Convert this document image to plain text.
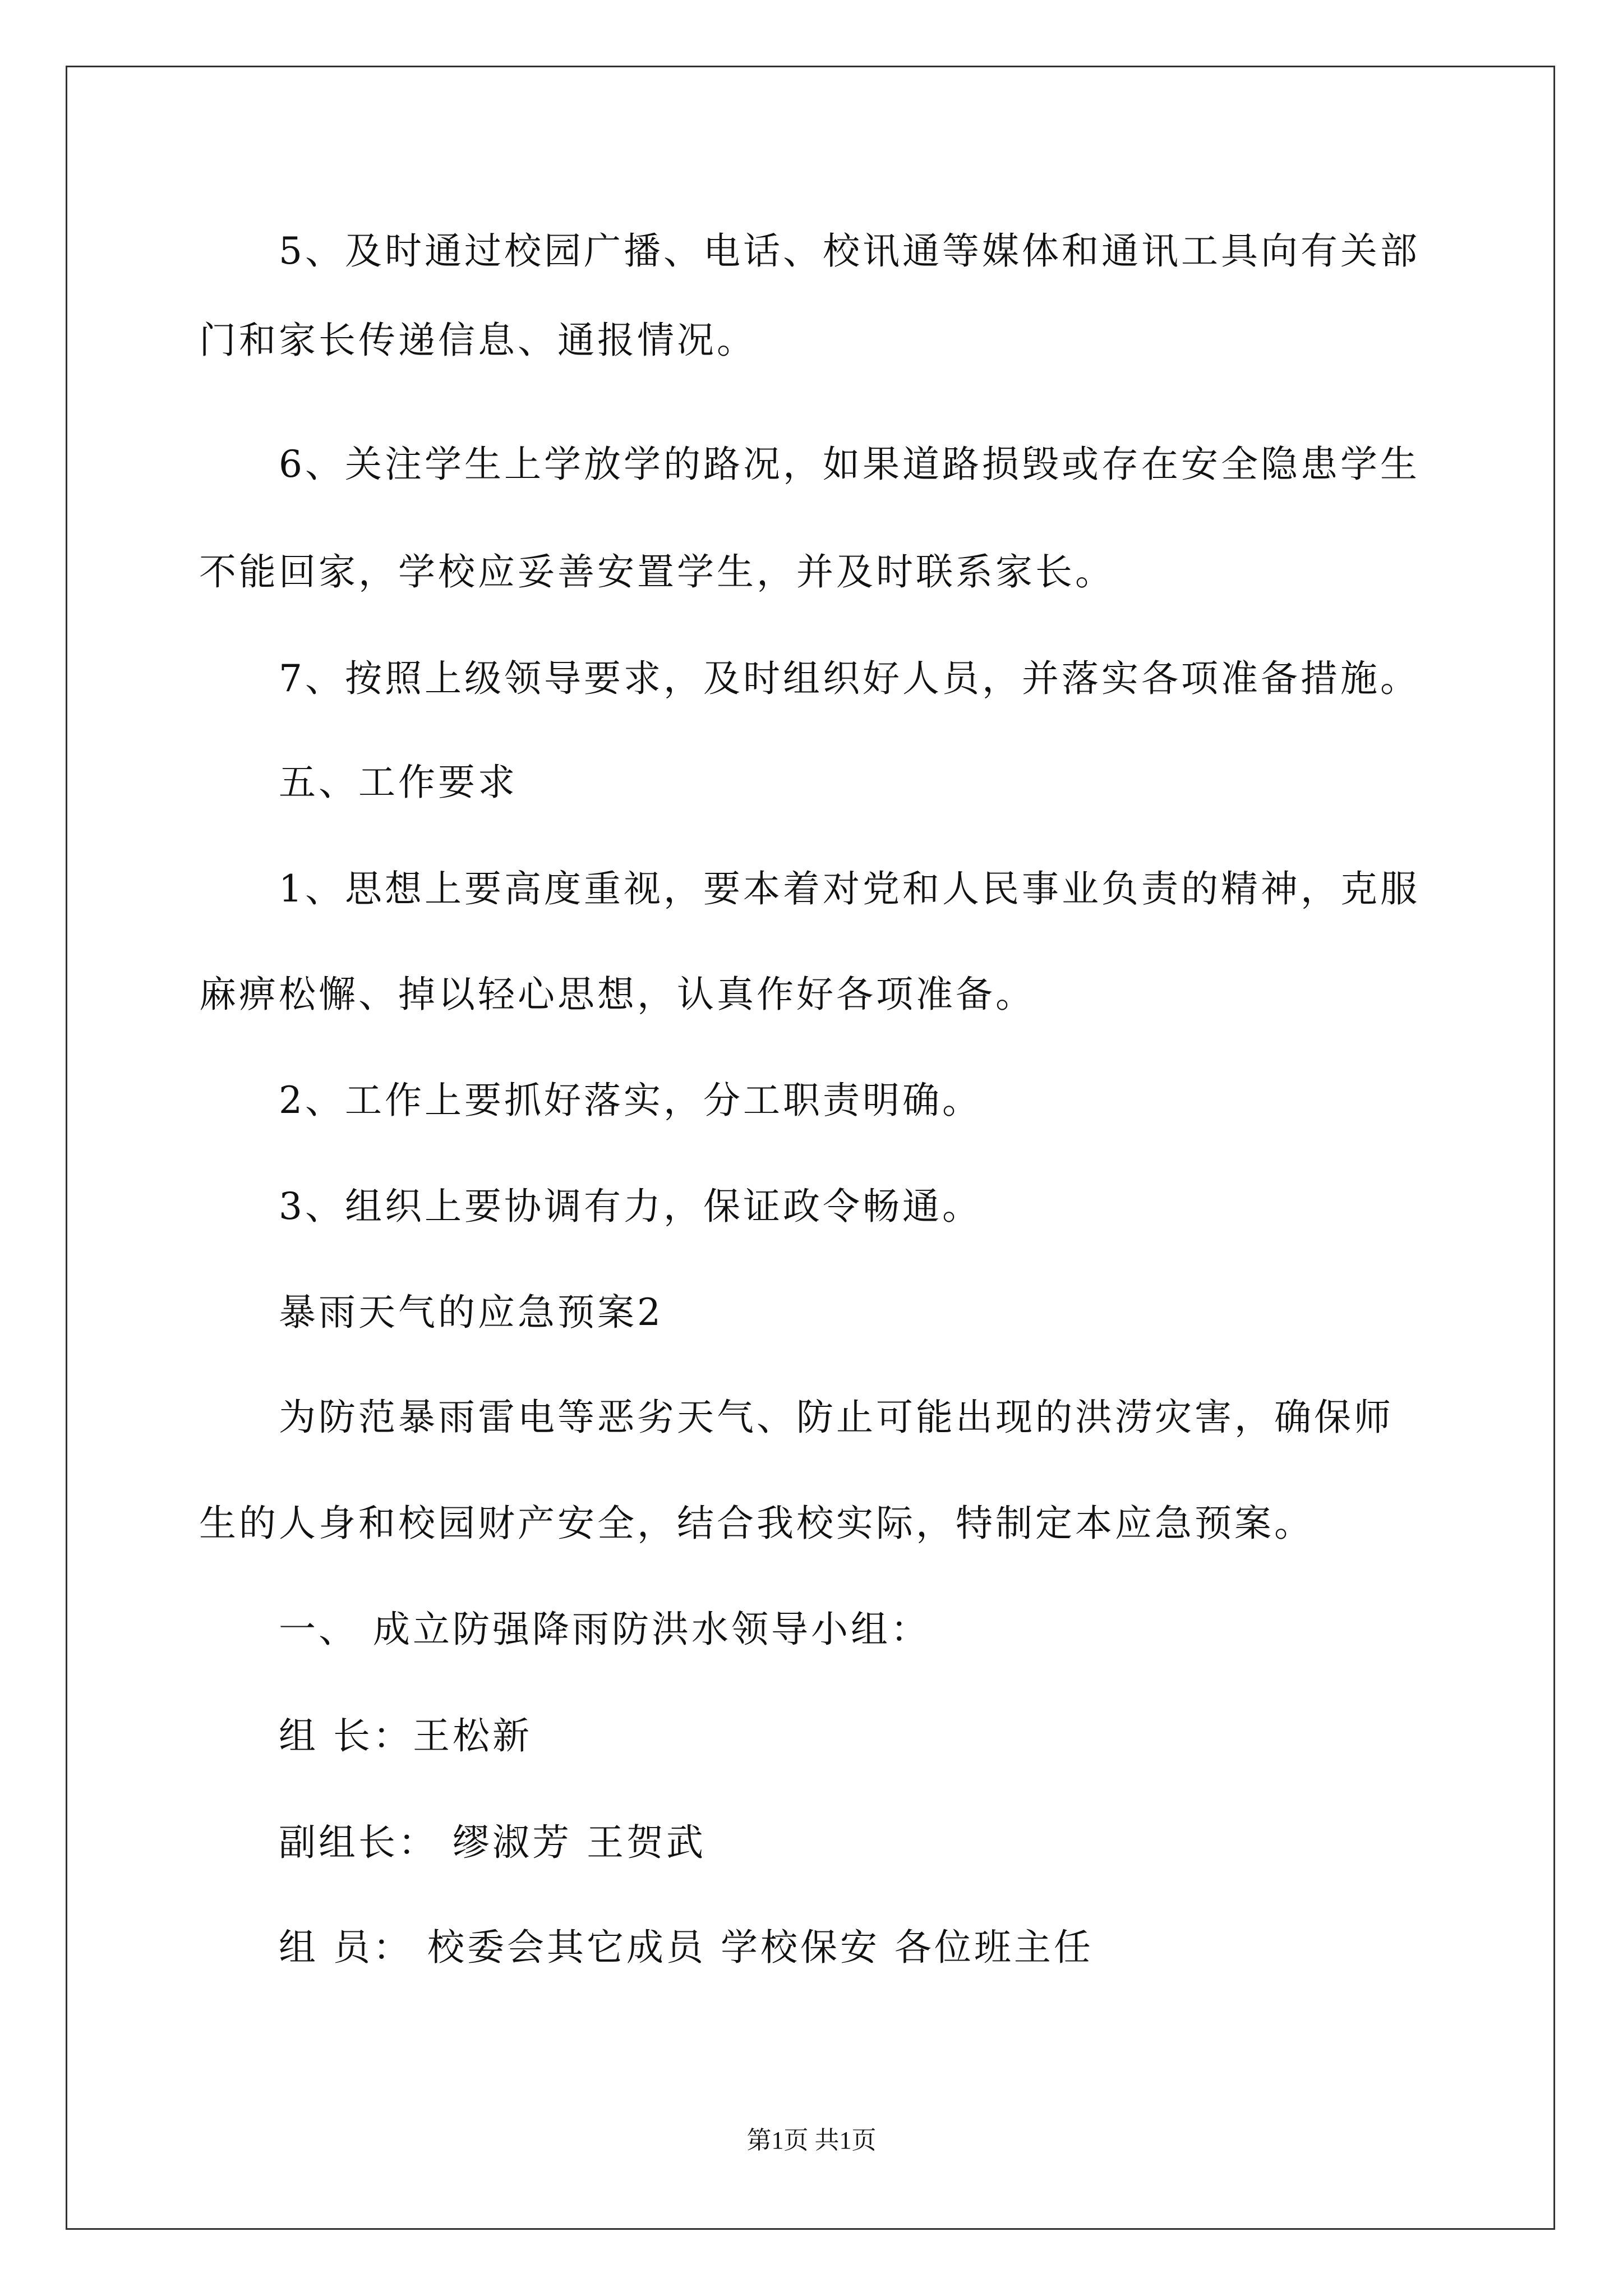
5、及时通过校园广播、电话、校讯通等媒体和通讯工具向有关部
门和家长传递信息、通报情况。
6、关注学生上学放学的路况，如果道路损毁或存在安全隐患学生
不能回家，学校应妥善安置学生，并及时联系家长。
7、按照上级领导要求，及时组织好人员，并落实各项准备措施。
五、工作要求
1、思想上要高度重视，要本着对党和人民事业负责的精神，克服
麻痹松懈、掉以轻心思想，认真作好各项准备。
2、工作上要抓好落实，分工职责明确。
3、组织上要协调有力，保证政令畅通。
暴雨天气的应急预案2
为防范暴雨雷电等恶劣天气、防止可能出现的洪涝灾害，确保师
生的人身和校园财产安全，结合我校实际，特制定本应急预案。
一、 成立防强降雨防洪水领导小组：
组 长：王松新
副组长： 缪淑芳 王贺武
组 员： 校委会其它成员 学校保安 各位班主任
第1页 共1页
